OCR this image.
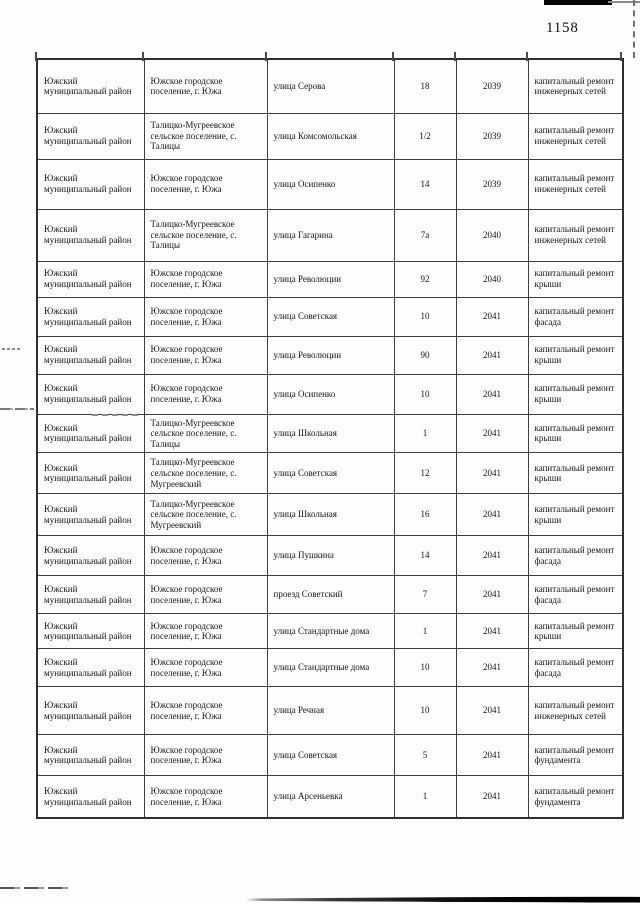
1158
Южский муниципальный район	Южское городское поселение, г. Южа	улица Серова	18	2039	капитальный ремонт инженерных сетей
Южский муниципальный район	Талицко-Мугреевское сельское поселение, с. Талицы	улица Комсомольская	1/2	2039	капитальный ремонт инженерных сетей
Южский муниципальный район	Южское городское поселение, г. Южа	улица Осипенко	14	2039	капитальный ремонт инженерных сетей
Южский муниципальный район	Талицко-Мугреевское сельское поселение, с. Талицы	улица Гагарина	7а	2040	капитальный ремонт инженерных сетей
Южский муниципальный район	Южское городское поселение, г. Южа	улица Революции	92	2040	капитальный ремонт крыши
Южский муниципальный район	Южское городское поселение, г. Южа	улица Советская	10	2041	капитальный ремонт фасада
Южский муниципальный район	Южское городское поселение, г. Южа	улица Революции	90	2041	капитальный ремонт крыши
Южский муниципальный район	Южское городское поселение, г. Южа	улица Осипенко	10	2041	капитальный ремонт крыши
Южский муниципальный район	Талицко-Мугреевское сельское поселение, с. Талицы	улица Школьная	1	2041	капитальный ремонт крыши
Южский муниципальный район	Талицко-Мугреевское сельское поселение, с. Мугреевский	улица Советская	12	2041	капитальный ремонт крыши
Южский муниципальный район	Талицко-Мугреевское сельское поселение, с. Мугреевский	улица Школьная	16	2041	капитальный ремонт крыши
Южский муниципальный район	Южское городское поселение, г. Южа	улица Пушкина	14	2041	капитальный ремонт фасада
Южский муниципальный район	Южское городское поселение, г. Южа	проезд Советский	7	2041	капитальный ремонт фасада
Южский муниципальный район	Южское городское поселение, г. Южа	улица Стандартные дома	1	2041	капитальный ремонт крыши
Южский муниципальный район	Южское городское поселение, г. Южа	улица Стандартные дома	10	2041	капитальный ремонт фасада
Южский муниципальный район	Южское городское поселение, г. Южа	улица Речная	10	2041	капитальный ремонт инженерных сетей
Южский муниципальный район	Южское городское поселение, г. Южа	улица Советская	5	2041	капитальный ремонт фундамента
Южский муниципальный район	Южское городское поселение, г. Южа	улица Арсеньевка	1	2041	капитальный ремонт фундамента
